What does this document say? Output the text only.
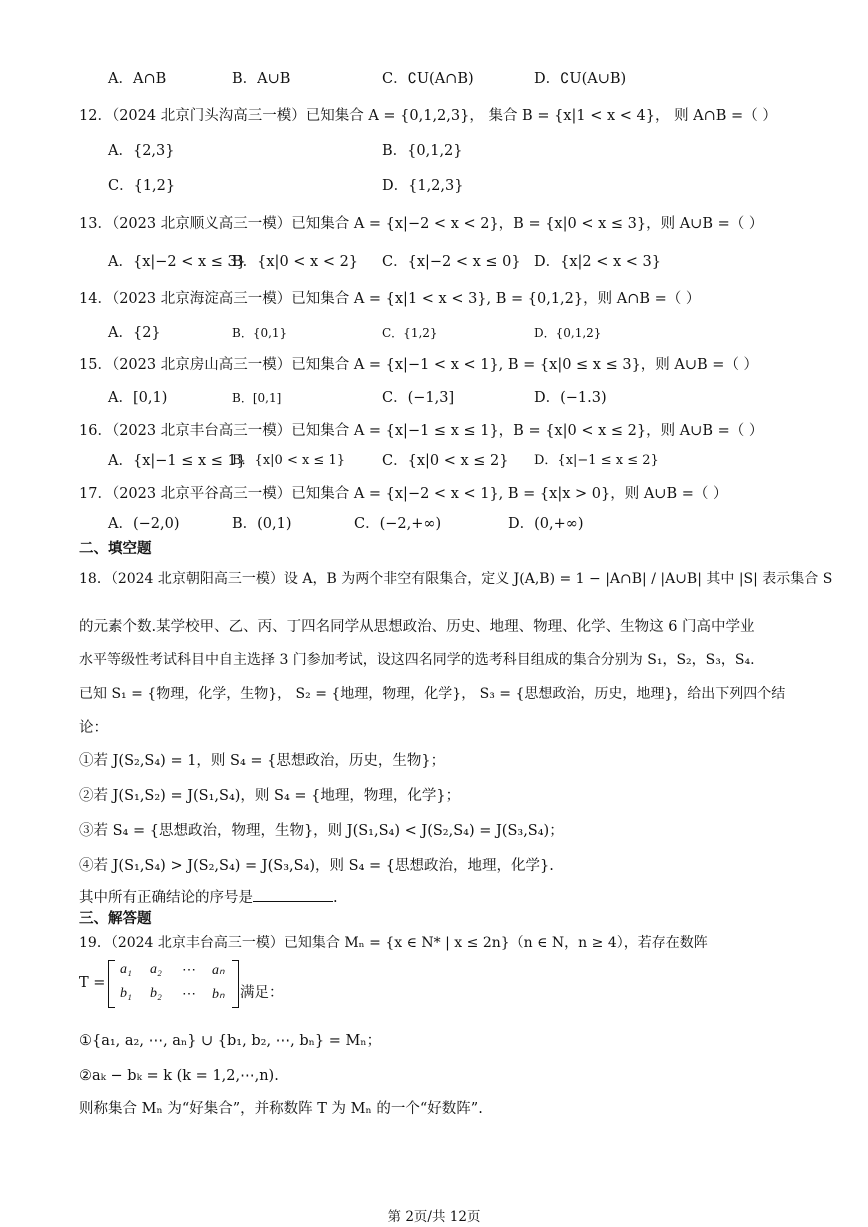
A．A∩B	B．A∪B	C．∁U(A∩B)	D．∁U(A∪B)
12．（2024 北京门头沟高三一模）已知集合 A = {0,1,2,3}， 集合 B = {x|1 < x < 4}， 则 A∩B =（ ）
A．{2,3}	B．{0,1,2}
C．{1,2}	D．{1,2,3}
13．（2023 北京顺义高三一模）已知集合 A = {x|−2 < x < 2}，B = {x|0 < x ≤ 3}，则 A∪B =（ ）
A．{x|−2 < x ≤ 3}
B．{x|0 < x < 2} C．{x|−2 < x ≤ 0} D．{x|2 < x < 3}
14．（2023 北京海淀高三一模）已知集合 A = {x|1 < x < 3}, B = {0,1,2}，则 A∩B =（ ）
A．{2}	B．{0,1}	C．{1,2}	D．{0,1,2}
15．（2023 北京房山高三一模）已知集合 A = {x|−1 < x < 1}, B = {x|0 ≤ x ≤ 3}，则 A∪B =（ ）
A．[0,1)	B．[0,1]	C．(−1,3]	D．(−1.3)
16．（2023 北京丰台高三一模）已知集合 A = {x|−1 ≤ x ≤ 1}，B = {x|0 < x ≤ 2}，则 A∪B =（ ）
A．{x|−1 ≤ x ≤ 1}
B．{x|0 < x ≤ 1}	C．{x|0 < x ≤ 2} D．{x|−1 ≤ x ≤ 2}
17．（2023 北京平谷高三一模）已知集合 A = {x|−2 < x < 1}, B = {x|x > 0}，则 A∪B =（ ）
A．(−2,0)	B．(0,1)	C．(−2,+∞)	D．(0,+∞)
二、填空题
18．（2024 北京朝阳高三一模）设 A，B 为两个非空有限集合，定义 J(A,B) = 1 − |A∩B| / |A∪B| 其中 |S| 表示集合 S
的元素个数.某学校甲、乙、丙、丁四名同学从思想政治、历史、地理、物理、化学、生物这 6 门高中学业
水平等级性考试科目中自主选择 3 门参加考试，设这四名同学的选考科目组成的集合分别为 S₁，S₂，S₃，S₄.
已知 S₁ = {物理，化学，生物}， S₂ = {地理，物理，化学}， S₃ = {思想政治，历史，地理}，给出下列四个结
论：
①若 J(S₂,S₄) = 1，则 S₄ = {思想政治，历史，生物}；
②若 J(S₁,S₂) = J(S₁,S₄)，则 S₄ = {地理，物理，化学}；
③若 S₄ = {思想政治，物理，生物}，则 J(S₁,S₄) < J(S₂,S₄) = J(S₃,S₄)；
④若 J(S₁,S₄) > J(S₂,S₄) = J(S₃,S₄)，则 S₄ = {思想政治，地理，化学}.
其中所有正确结论的序号是	.
三、解答题
19．（2024 北京丰台高三一模）已知集合 Mₙ = {x ∈ N* | x ≤ 2n}（n ∈ N，n ≥ 4），若存在数阵
T =
a₁ a₂ ⋯ aₙ
b₁ b₂ ⋯ bₙ 满足：
①{a₁, a₂, ⋯, aₙ} ∪ {b₁, b₂, ⋯, bₙ} = Mₙ；
②aₖ − bₖ = k (k = 1,2,⋯,n).
则称集合 Mₙ 为“好集合”，并称数阵 T 为 Mₙ 的一个“好数阵”.
第 2页/共 12页
